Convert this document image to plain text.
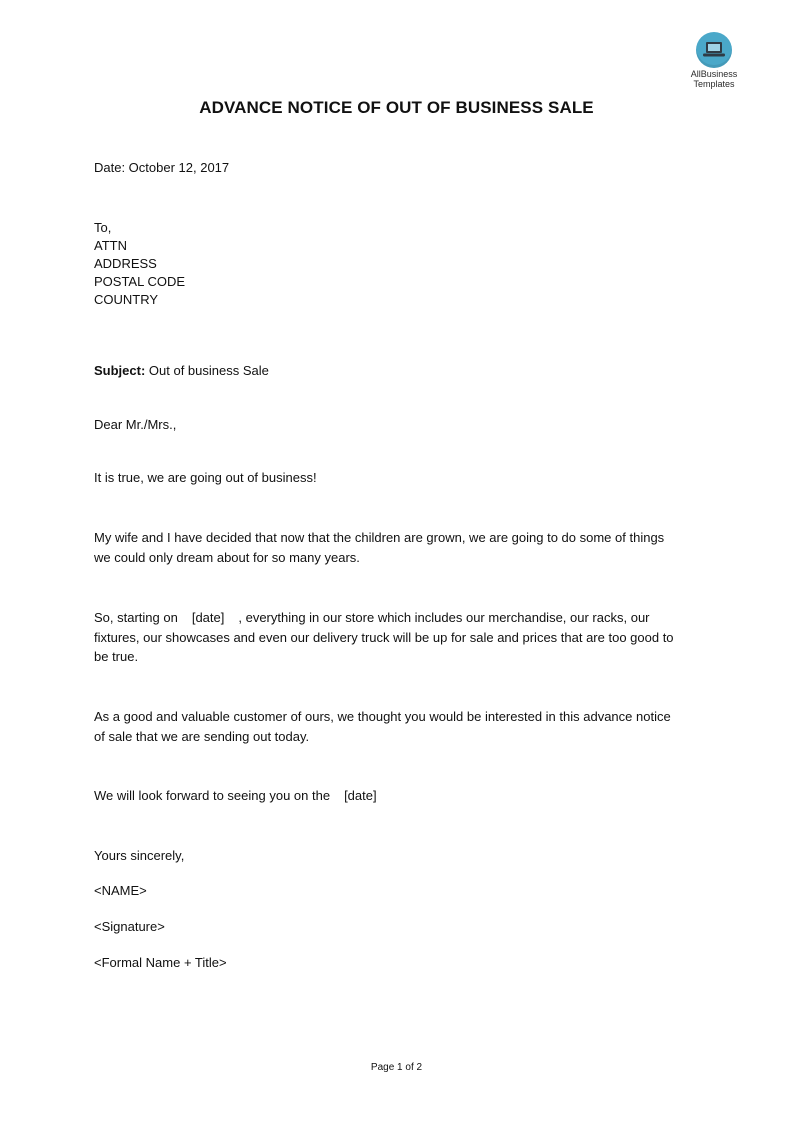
AllBusiness
Templates
ADVANCE NOTICE OF OUT OF BUSINESS SALE
Date: October 12, 2017
To,
ATTN
ADDRESS
POSTAL CODE
COUNTRY
Subject: Out of business Sale
Dear Mr./Mrs.,
It is true, we are going out of business!
My wife and I have decided that now that the children are grown, we are going to do some of things
we could only dream about for so many years.
So, starting on [date] , everything in our store which includes our merchandise, our racks, our
fixtures, our showcases and even our delivery truck will be up for sale and prices that are too good to
be true.
As a good and valuable customer of ours, we thought you would be interested in this advance notice
of sale that we are sending out today.
We will look forward to seeing you on the [date]
Yours sincerely,
<NAME>
<Signature>
<Formal Name + Title>
Page 1 of 2
